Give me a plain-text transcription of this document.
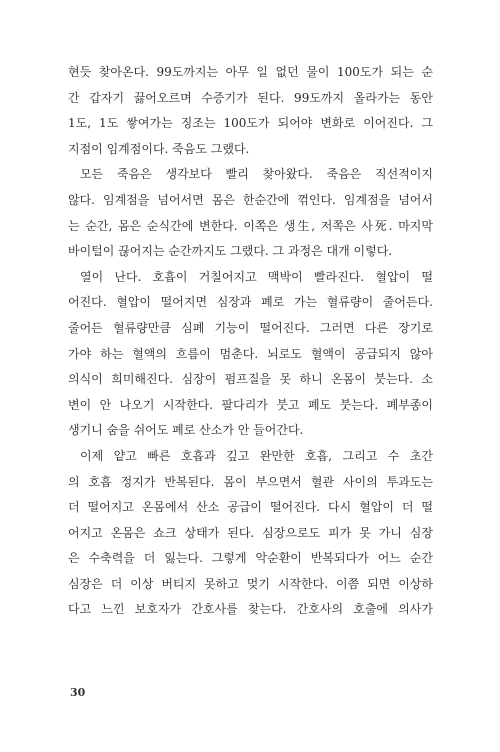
현듯 찾아온다. 99도까지는 아무 일 없던 물이 100도가 되는 순
간 갑자기 끓어오르며 수증기가 된다. 99도까지 올라가는 동안
1도, 1도 쌓여가는 징조는 100도가 되어야 변화로 이어진다. 그
지점이 임계점이다. 죽음도 그랬다.
모든 죽음은 생각보다 빨리 찾아왔다. 죽음은 직선적이지
않다. 임계점을 넘어서면 몸은 한순간에 꺾인다. 임계점을 넘어서
는 순간, 몸은 순식간에 변한다. 이쪽은 생生, 저쪽은 사死. 마지막
바이털이 끊어지는 순간까지도 그랬다. 그 과정은 대개 이렇다.
열이 난다. 호흡이 거칠어지고 맥박이 빨라진다. 혈압이 떨
어진다. 혈압이 떨어지면 심장과 폐로 가는 혈류량이 줄어든다.
줄어든 혈류량만큼 심폐 기능이 떨어진다. 그러면 다른 장기로
가야 하는 혈액의 흐름이 멈춘다. 뇌로도 혈액이 공급되지 않아
의식이 희미해진다. 심장이 펌프질을 못 하니 온몸이 붓는다. 소
변이 안 나오기 시작한다. 팔다리가 붓고 폐도 붓는다. 폐부종이
생기니 숨을 쉬어도 폐로 산소가 안 들어간다.
이제 얕고 빠른 호흡과 깊고 완만한 호흡, 그리고 수 초간
의 호흡 정지가 반복된다. 몸이 부으면서 혈관 사이의 투과도는
더 떨어지고 온몸에서 산소 공급이 떨어진다. 다시 혈압이 더 떨
어지고 온몸은 쇼크 상태가 된다. 심장으로도 피가 못 가니 심장
은 수축력을 더 잃는다. 그렇게 악순환이 반복되다가 어느 순간
심장은 더 이상 버티지 못하고 멎기 시작한다. 이쯤 되면 이상하
다고 느낀 보호자가 간호사를 찾는다. 간호사의 호출에 의사가
30
